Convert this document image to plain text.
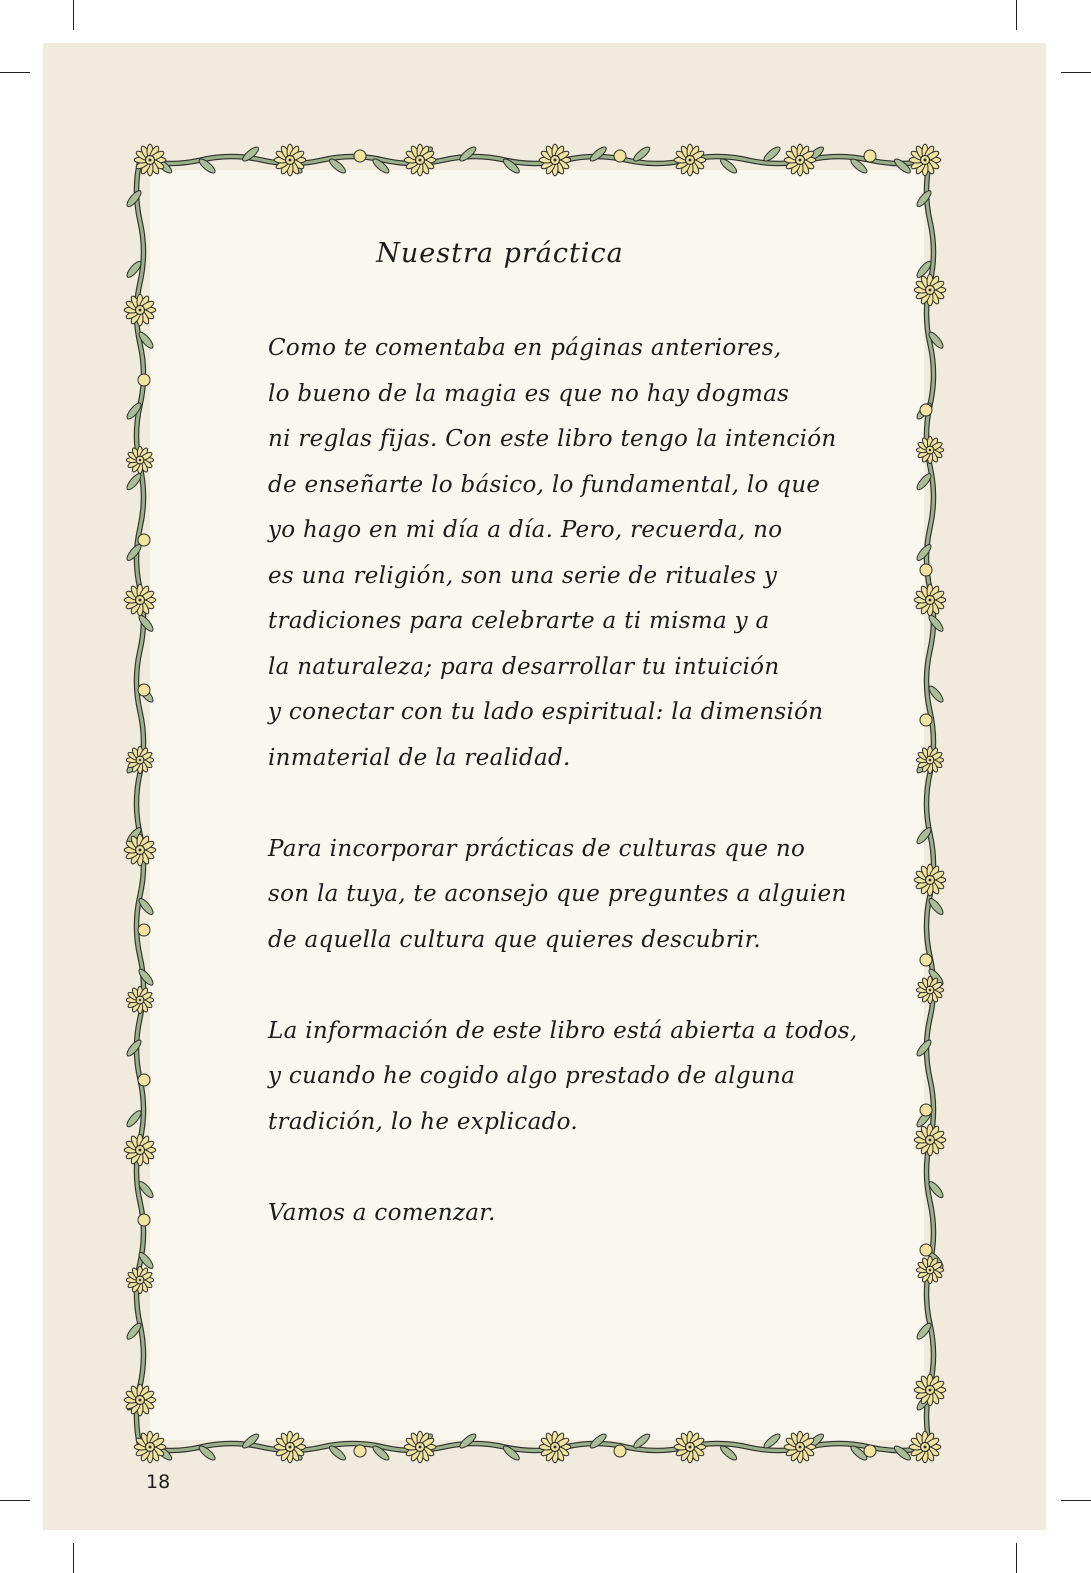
Nuestra práctica
Como te comentaba en páginas anteriores,
lo bueno de la magia es que no hay dogmas
ni reglas fijas. Con este libro tengo la intención
de enseñarte lo básico, lo fundamental, lo que
yo hago en mi día a día. Pero, recuerda, no
es una religión, son una serie de rituales y
tradiciones para celebrarte a ti misma y a
la naturaleza; para desarrollar tu intuición
y conectar con tu lado espiritual: la dimensión
inmaterial de la realidad.
Para incorporar prácticas de culturas que no
son la tuya, te aconsejo que preguntes a alguien
de aquella cultura que quieres descubrir.
La información de este libro está abierta a todos,
y cuando he cogido algo prestado de alguna
tradición, lo he explicado.
Vamos a comenzar.
18
